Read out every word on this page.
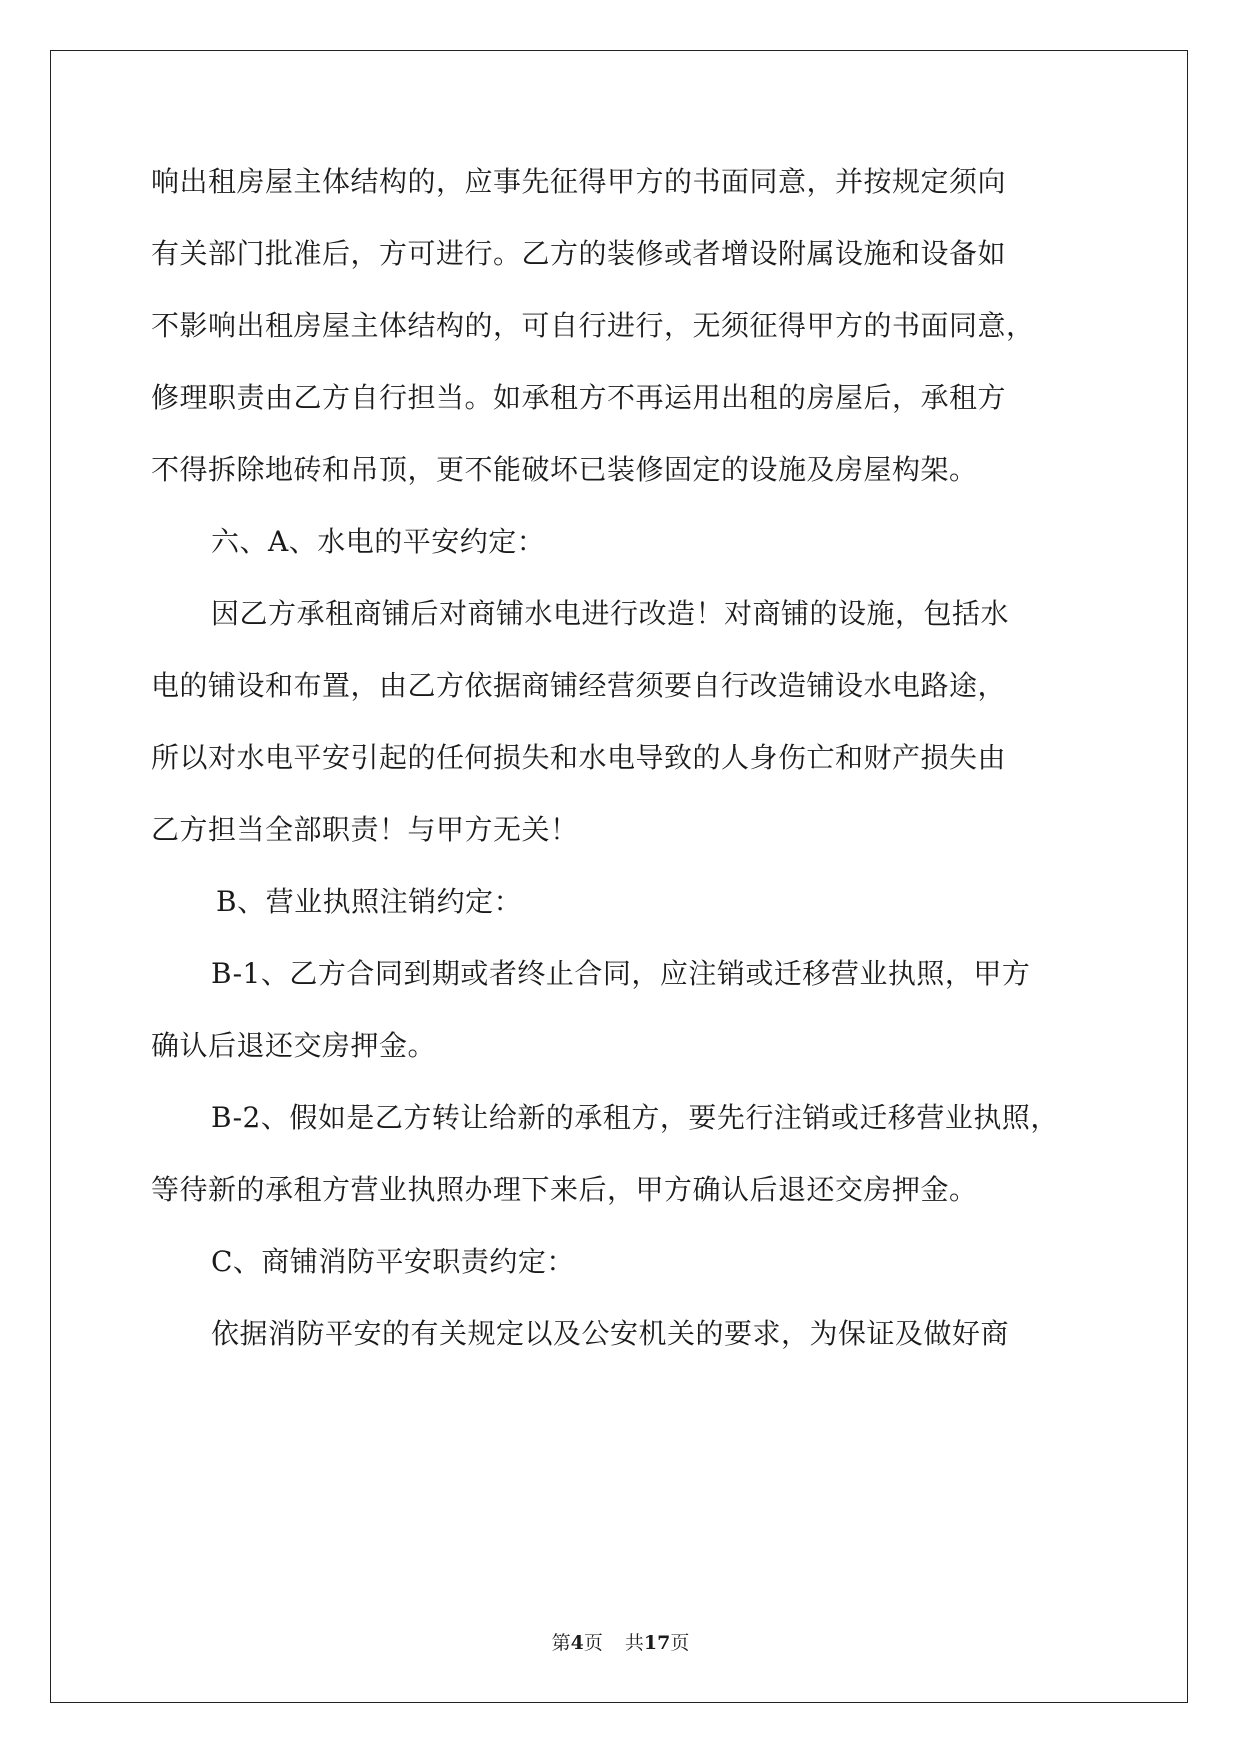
响出租房屋主体结构的，应事先征得甲方的书面同意，并按规定须向
有关部门批准后，方可进行。乙方的装修或者增设附属设施和设备如
不影响出租房屋主体结构的，可自行进行，无须征得甲方的书面同意，
修理职责由乙方自行担当。如承租方不再运用出租的房屋后，承租方
不得拆除地砖和吊顶，更不能破坏已装修固定的设施及房屋构架。
六、A、水电的平安约定：
因乙方承租商铺后对商铺水电进行改造！对商铺的设施，包括水
电的铺设和布置，由乙方依据商铺经营须要自行改造铺设水电路途，
所以对水电平安引起的任何损失和水电导致的人身伤亡和财产损失由
乙方担当全部职责！与甲方无关！
B、营业执照注销约定：
B-1、乙方合同到期或者终止合同，应注销或迁移营业执照，甲方
确认后退还交房押金。
B-2、假如是乙方转让给新的承租方，要先行注销或迁移营业执照，
等待新的承租方营业执照办理下来后，甲方确认后退还交房押金。
C、商铺消防平安职责约定：
依据消防平安的有关规定以及公安机关的要求，为保证及做好商
第4页 共17页
